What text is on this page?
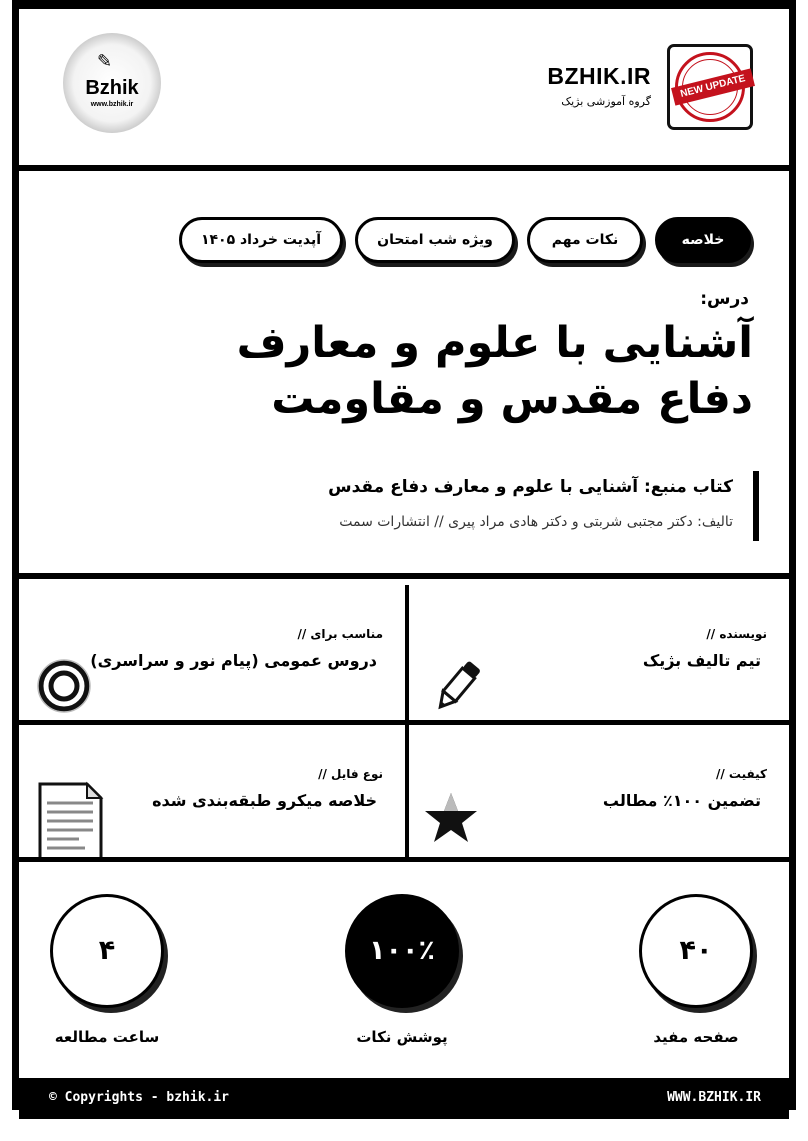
✎
Bzhik
www.bzhik.ir
BZHIK.IR
گروه آموزشی بژیک
NEW UPDATE
خلاصه
نکات مهم
ویژه شب امتحان
آپدیت خرداد ۱۴۰۵
درس:
آشنایی با علوم و معارف
دفاع مقدس و مقاومت
کتاب منبع: آشنایی با علوم و معارف دفاع مقدس
تالیف: دکتر مجتبی شربتی و دکتر هادی مراد پیری // انتشارات سمت
نویسنده //
تیم تالیف بژیک
مناسب برای //
دروس عمومی (پیام نور و سراسری)
کیفیت //
تضمین ۱۰۰٪ مطالب
نوع فایل //
خلاصه میکرو طبقه‌بندی شده
۴۰
صفحه مفید
۱۰۰٪
پوشش نکات
۴
ساعت مطالعه
© Copyrights - bzhik.ir	WWW.BZHIK.IR
